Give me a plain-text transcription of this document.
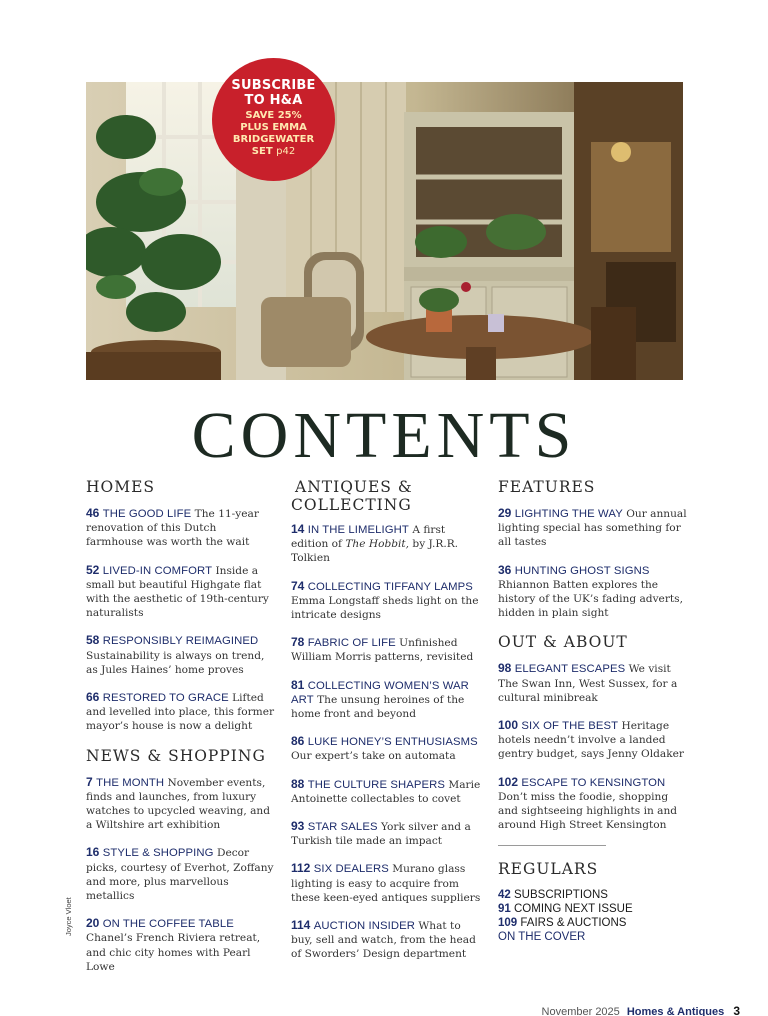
SUBSCRIBE
TO H&A
SAVE 25%
PLUS EMMA
BRIDGEWATER
SET p42
CONTENTS
HOMES
46 THE GOOD LIFE The 11-year renovation of this Dutch farmhouse was worth the wait
52 LIVED-IN COMFORT Inside a small but beautiful Highgate flat with the aesthetic of 19th-century naturalists
58 RESPONSIBLY REIMAGINED Sustainability is always on trend, as Jules Haines’ home proves
66 RESTORED TO GRACE Lifted and levelled into place, this former mayor’s house is now a delight
NEWS & SHOPPING
7 THE MONTH November events, finds and launches, from luxury watches to upcycled weaving, and a Wiltshire art exhibition
16 STYLE & SHOPPING Decor picks, courtesy of Everhot, Zoffany and more, plus marvellous metallics
20 ON THE COFFEE TABLE Chanel’s French Riviera retreat, and chic city homes with Pearl Lowe
ANTIQUES &
COLLECTING
14 IN THE LIMELIGHT A first edition of The Hobbit, by J.R.R. Tolkien
74 COLLECTING TIFFANY LAMPS Emma Longstaff sheds light on the intricate designs
78 FABRIC OF LIFE Unfinished William Morris patterns, revisited
81 COLLECTING WOMEN’S WAR ART The unsung heroines of the home front and beyond
86 LUKE HONEY’S ENTHUSIASMS Our expert’s take on automata
88 THE CULTURE SHAPERS Marie Antoinette collectables to covet
93 STAR SALES York silver and a Turkish tile made an impact
112 SIX DEALERS Murano glass lighting is easy to acquire from these keen-eyed antiques suppliers
114 AUCTION INSIDER What to buy, sell and watch, from the head of Sworders’ Design department
FEATURES
29 LIGHTING THE WAY Our annual lighting special has something for all tastes
36 HUNTING GHOST SIGNS Rhiannon Batten explores the history of the UK’s fading adverts, hidden in plain sight
OUT & ABOUT
98 ELEGANT ESCAPES We visit The Swan Inn, West Sussex, for a cultural minibreak
100 SIX OF THE BEST Heritage hotels needn’t involve a landed gentry budget, says Jenny Oldaker
102 ESCAPE TO KENSINGTON Don’t miss the foodie, shopping and sightseeing highlights in and around High Street Kensington
REGULARS
42 SUBSCRIPTIONS
91 COMING NEXT ISSUE
109 FAIRS & AUCTIONS
ON THE COVER
Joyce Vloet
November 2025 Homes & Antiques 3
